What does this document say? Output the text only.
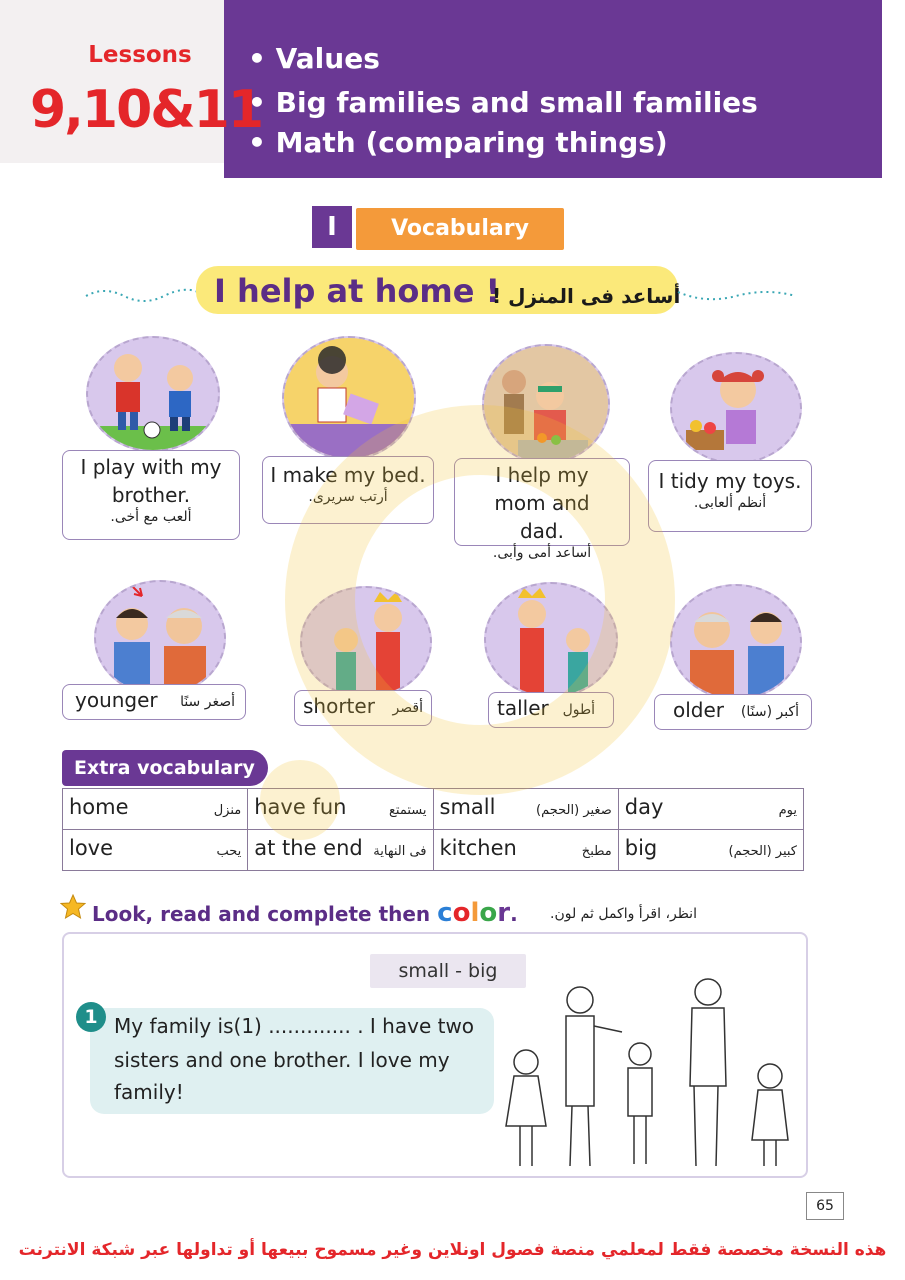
Lessons
9,10&11
• Values
• Big families and small families
• Math (comparing things)
I	Vocabulary
I help at home !
أساعد فى المنزل !
I play with my brother.
ألعب مع أخى.
I make my bed.
أرتب سريرى.
I help my mom and dad.
أساعد أمى وأبى.
I tidy my toys.
أنظم ألعابى.
younger أصغر سنًا	shorter أقصر	taller أطول	older أكبر (سنًا)
Extra vocabulary
home منزل	have fun يستمتع	small صغير (الحجم)	day يوم

love يحب	at the end فى النهاية	kitchen مطبخ	big كبير (الحجم)
Look, read and complete then color. انظر، اقرأ واكمل ثم لون.
small - big
1 My family is(1) ............. . I have two
sisters and one brother. I love my
family!
65
هذه النسخة مخصصة فقط لمعلمي منصة فصول اونلاين وغير مسموح ببيعها أو تداولها عبر شبكة الانترنت
